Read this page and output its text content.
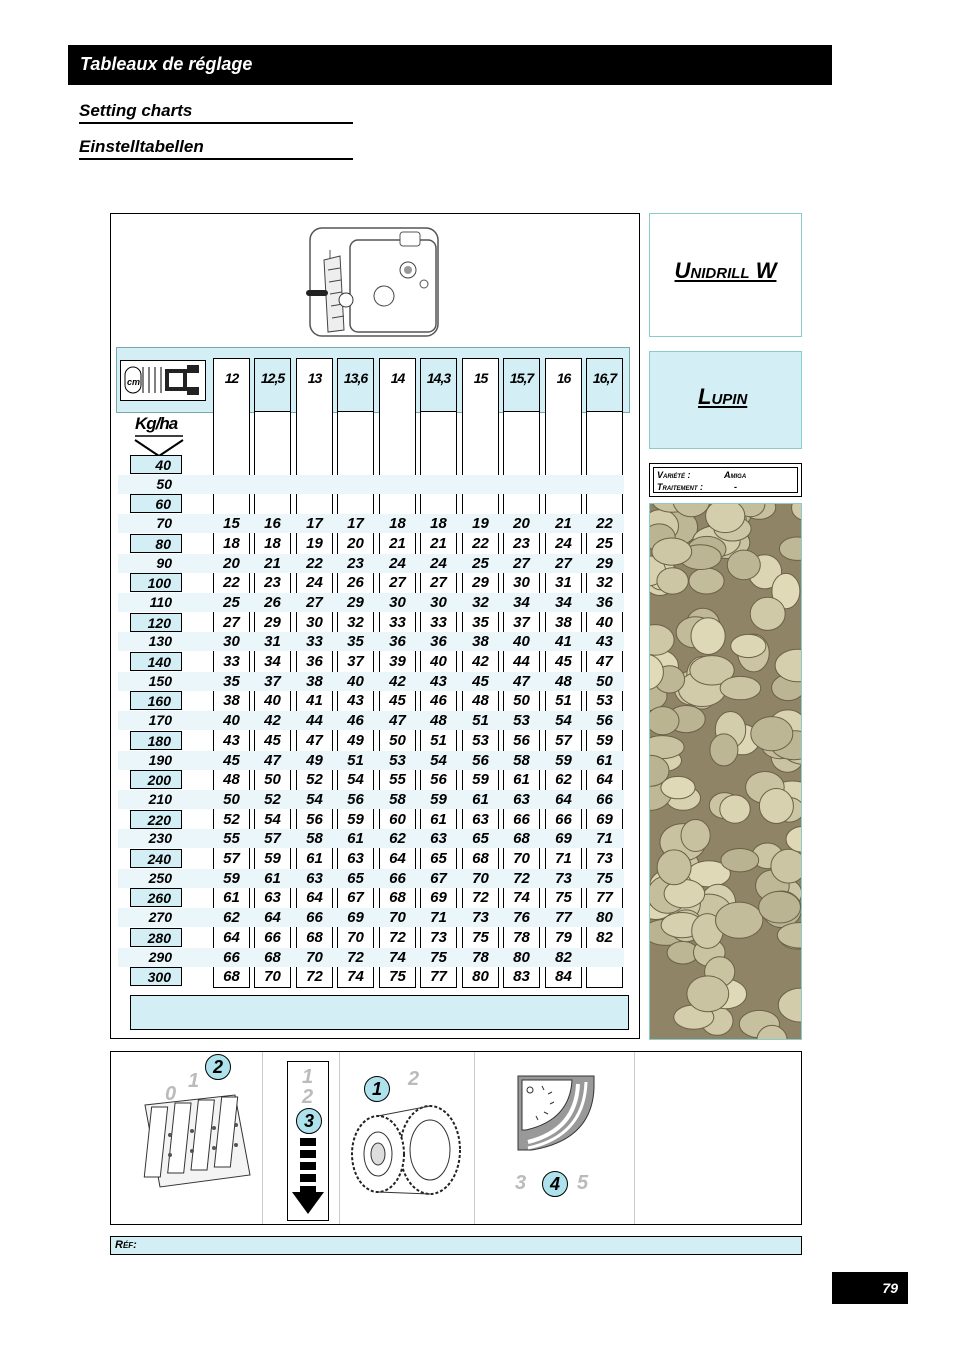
Tableaux de réglage
Setting charts
Einstelltabellen
cm
Kg/ha
12	12,5	13	13,6	14	14,3	15	15,7	16	16,7
40
50
60
70	15	16	17	17	18	18	19	20	21	22
80	18	18	19	20	21	21	22	23	24	25
90	20	21	22	23	24	24	25	27	27	29
100	22	23	24	26	27	27	29	30	31	32
110	25	26	27	29	30	30	32	34	34	36
120	27	29	30	32	33	33	35	37	38	40
130	30	31	33	35	36	36	38	40	41	43
140	33	34	36	37	39	40	42	44	45	47
150	35	37	38	40	42	43	45	47	48	50
160	38	40	41	43	45	46	48	50	51	53
170	40	42	44	46	47	48	51	53	54	56
180	43	45	47	49	50	51	53	56	57	59
190	45	47	49	51	53	54	56	58	59	61
200	48	50	52	54	55	56	59	61	62	64
210	50	52	54	56	58	59	61	63	64	66
220	52	54	56	59	60	61	63	66	66	69
230	55	57	58	61	62	63	65	68	69	71
240	57	59	61	63	64	65	68	70	71	73
250	59	61	63	65	66	67	70	72	73	75
260	61	63	64	67	68	69	72	74	75	77
270	62	64	66	69	70	71	73	76	77	80
280	64	66	68	70	72	73	75	78	79	82
290	66	68	70	72	74	75	78	80	82
300	68	70	72	74	75	77	80	83	84
Unidrill W
Lupin
Variété :	Amiga
Traitement :	-
0
1
2	1
2
3
1	2
3	4 5
Réf:
79
